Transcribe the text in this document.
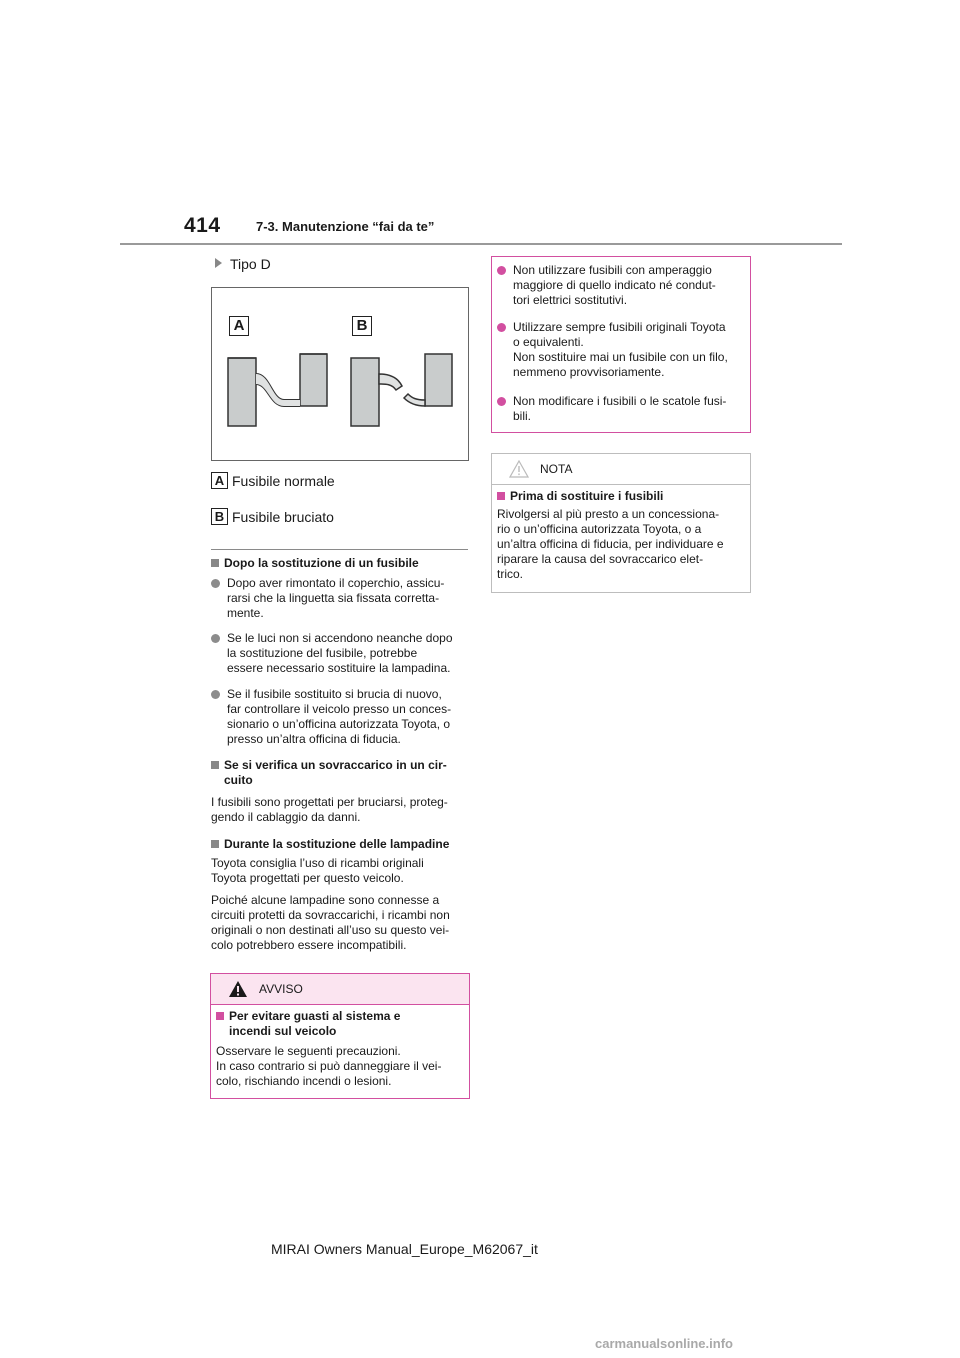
414	7-3. Manutenzione “fai da te”
Tipo D
A	B
A Fusibile normale
B Fusibile bruciato
Dopo la sostituzione di un fusibile
Dopo aver rimontato il coperchio, assicu-
rarsi che la linguetta sia fissata corretta-
mente.
Se le luci non si accendono neanche dopo
la sostituzione del fusibile, potrebbe
essere necessario sostituire la lampadina.
Se il fusibile sostituito si brucia di nuovo,
far controllare il veicolo presso un conces-
sionario o un’officina autorizzata Toyota, o
presso un’altra officina di fiducia.
Se si verifica un sovraccarico in un cir-
cuito
I fusibili sono progettati per bruciarsi, proteg-
gendo il cablaggio da danni.
Durante la sostituzione delle lampadine
Toyota consiglia l’uso di ricambi originali
Toyota progettati per questo veicolo.
Poiché alcune lampadine sono connesse a
circuiti protetti da sovraccarichi, i ricambi non
originali o non destinati all’uso su questo vei-
colo potrebbero essere incompatibili.
AVVISO
Per evitare guasti al sistema e
incendi sul veicolo
Osservare le seguenti precauzioni.
In caso contrario si può danneggiare il vei-
colo, rischiando incendi o lesioni.
Non utilizzare fusibili con amperaggio
maggiore di quello indicato né condut-
tori elettrici sostitutivi.
Utilizzare sempre fusibili originali Toyota
o equivalenti.
Non sostituire mai un fusibile con un filo,
nemmeno provvisoriamente.
Non modificare i fusibili o le scatole fusi-
bili.
NOTA
Prima di sostituire i fusibili
Rivolgersi al più presto a un concessiona-
rio o un’officina autorizzata Toyota, o a
un’altra officina di fiducia, per individuare e
riparare la causa del sovraccarico elet-
trico.
MIRAI Owners Manual_Europe_M62067_it
carmanualsonline.info
